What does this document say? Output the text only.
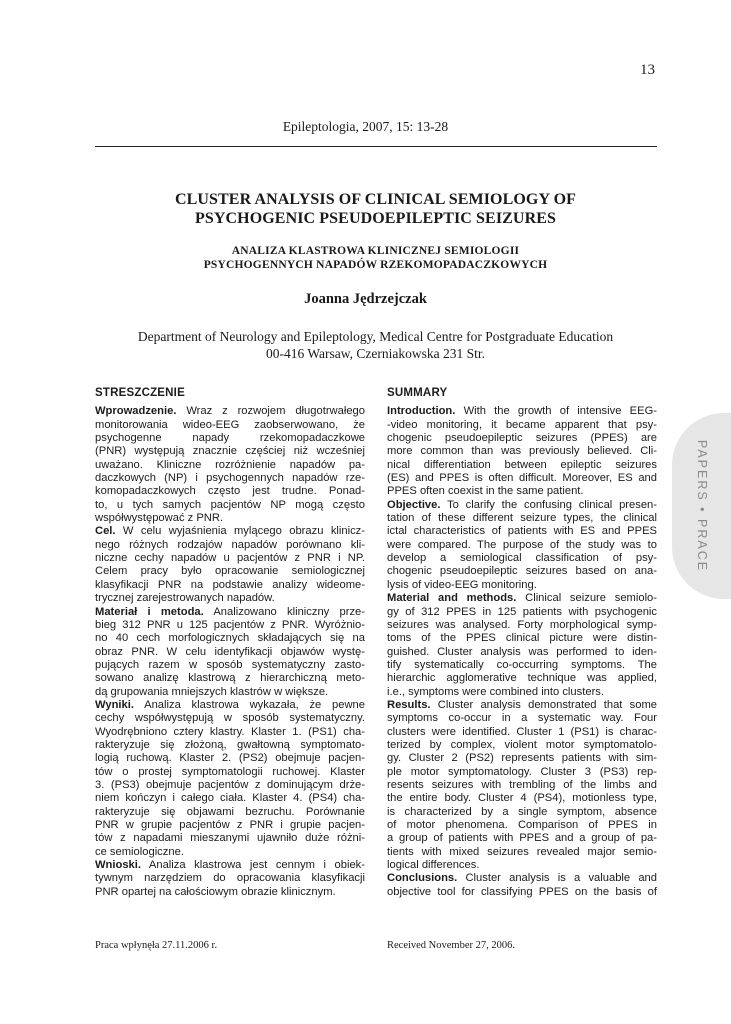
13
Epileptologia, 2007, 15: 13-28
CLUSTER ANALYSIS OF CLINICAL SEMIOLOGY OF
PSYCHOGENIC PSEUDOEPILEPTIC SEIZURES
ANALIZA KLASTROWA KLINICZNEJ SEMIOLOGII
PSYCHOGENNYCH NAPADÓW RZEKOMOPADACZKOWYCH
Joanna Jędrzejczak
Department of Neurology and Epileptology, Medical Centre for Postgraduate Education
00-416 Warsaw, Czerniakowska 231 Str.
PAPERS • PRACE
STRESZCZENIE
Wprowadzenie. Wraz z rozwojem długotrwałego
monitorowania wideo-EEG zaobserwowano, że
psychogenne napady rzekomopadaczkowe
(PNR) występują znacznie częściej niż wcześniej
uważano. Kliniczne rozróżnienie napadów pa-
daczkowych (NP) i psychogennych napadów rze-
komopadaczkowych często jest trudne. Ponad-
to, u tych samych pacjentów NP mogą często
współwystępować z PNR.
Cel. W celu wyjaśnienia mylącego obrazu klinicz-
nego różnych rodzajów napadów porównano kli-
niczne cechy napadów u pacjentów z PNR i NP.
Celem pracy było opracowanie semiologicznej
klasyfikacji PNR na podstawie analizy wideome-
trycznej zarejestrowanych napadów.
Materiał i metoda. Analizowano kliniczny prze-
bieg 312 PNR u 125 pacjentów z PNR. Wyróżnio-
no 40 cech morfologicznych składających się na
obraz PNR. W celu identyfikacji objawów wystę-
pujących razem w sposób systematyczny zasto-
sowano analizę klastrową z hierarchiczną meto-
dą grupowania mniejszych klastrów w większe.
Wyniki. Analiza klastrowa wykazała, że pewne
cechy współwystępują w sposób systematyczny.
Wyodrębniono cztery klastry. Klaster 1. (PS1) cha-
rakteryzuje się złożoną, gwałtowną symptomato-
logią ruchową. Klaster 2. (PS2) obejmuje pacjen-
tów o prostej symptomatologii ruchowej. Klaster
3. (PS3) obejmuje pacjentów z dominującym drże-
niem kończyn i całego ciała. Klaster 4. (PS4) cha-
rakteryzuje się objawami bezruchu. Porównanie
PNR w grupie pacjentów z PNR i grupie pacjen-
tów z napadami mieszanymi ujawniło duże różni-
ce semiologiczne.
Wnioski. Analiza klastrowa jest cennym i obiek-
tywnym narzędziem do opracowania klasyfikacji
PNR opartej na całościowym obrazie klinicznym.
SUMMARY
Introduction. With the growth of intensive EEG-
-video monitoring, it became apparent that psy-
chogenic pseudoepileptic seizures (PPES) are
more common than was previously believed. Cli-
nical differentiation between epileptic seizures
(ES) and PPES is often difficult. Moreover, ES and
PPES often coexist in the same patient.
Objective. To clarify the confusing clinical presen-
tation of these different seizure types, the clinical
ictal characteristics of patients with ES and PPES
were compared. The purpose of the study was to
develop a semiological classification of psy-
chogenic pseudoepileptic seizures based on ana-
lysis of video-EEG monitoring.
Material and methods. Clinical seizure semiolo-
gy of 312 PPES in 125 patients with psychogenic
seizures was analysed. Forty morphological symp-
toms of the PPES clinical picture were distin-
guished. Cluster analysis was performed to iden-
tify systematically co-occurring symptoms. The
hierarchic agglomerative technique was applied,
i.e., symptoms were combined into clusters.
Results. Cluster analysis demonstrated that some
symptoms co-occur in a systematic way. Four
clusters were identified. Cluster 1 (PS1) is charac-
terized by complex, violent motor symptomatolo-
gy. Cluster 2 (PS2) represents patients with sim-
ple motor symptomatology. Cluster 3 (PS3) rep-
resents seizures with trembling of the limbs and
the entire body. Cluster 4 (PS4), motionless type,
is characterized by a single symptom, absence
of motor phenomena. Comparison of PPES in
a group of patients with PPES and a group of pa-
tients with mixed seizures revealed major semio-
logical differences.
Conclusions. Cluster analysis is a valuable and
objective tool for classifying PPES on the basis of
Praca wpłynęła 27.11.2006 r.	Received November 27, 2006.
